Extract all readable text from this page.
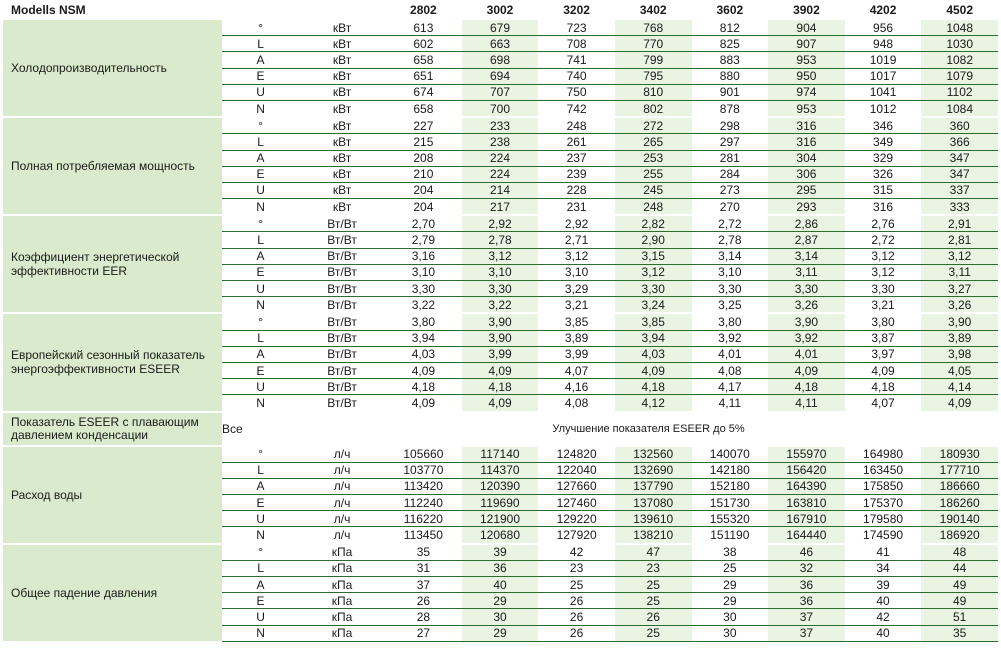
Modells NSM			2802	3002	3202	3402	3602	3902	4202	4502
Холодопроизводительность	°	кВт	613	679	723	768	812	904	956	1048
	L	кВт	602	663	708	770	825	907	948	1030
	A	кВт	658	698	741	799	883	953	1019	1082
	E	кВт	651	694	740	795	880	950	1017	1079
	U	кВт	674	707	750	810	901	974	1041	1102
	N	кВт	658	700	742	802	878	953	1012	1084
Полная потребляемая мощность	°	кВт	227	233	248	272	298	316	346	360
	L	кВт	215	238	261	265	297	316	349	366
	A	кВт	208	224	237	253	281	304	329	347
	E	кВт	210	224	239	255	284	306	326	347
	U	кВт	204	214	228	245	273	295	315	337
	N	кВт	204	217	231	248	270	293	316	333
Коэффициент энергетической эффективности EER	°	Вт/Вт	2,70	2,92	2,92	2,82	2,72	2,86	2,76	2,91
	L	Вт/Вт	2,79	2,78	2,71	2,90	2,78	2,87	2,72	2,81
	A	Вт/Вт	3,16	3,12	3,12	3,15	3,14	3,14	3,12	3,12
	E	Вт/Вт	3,10	3,10	3,10	3,12	3,10	3,11	3,12	3,11
	U	Вт/Вт	3,30	3,30	3,29	3,30	3,30	3,30	3,30	3,27
	N	Вт/Вт	3,22	3,22	3,21	3,24	3,25	3,26	3,21	3,26
Европейский сезонный показатель энергоэффективности ESEER	°	Вт/Вт	3,80	3,90	3,85	3,85	3,80	3,90	3,80	3,90
	L	Вт/Вт	3,94	3,90	3,89	3,94	3,92	3,92	3,87	3,89
	A	Вт/Вт	4,03	3,99	3,99	4,03	4,01	4,01	3,97	3,98
	E	Вт/Вт	4,09	4,09	4,07	4,09	4,08	4,09	4,09	4,05
	U	Вт/Вт	4,18	4,18	4,16	4,18	4,17	4,18	4,18	4,14
	N	Вт/Вт	4,09	4,09	4,08	4,12	4,11	4,11	4,07	4,09
Показатель ESEER с плавающим давлением конденсации	Все	Улучшение показателя ESEER до 5%								
Расход воды	°	л/ч	105660	117140	124820	132560	140070	155970	164980	180930
	L	л/ч	103770	114370	122040	132690	142180	156420	163450	177710
	A	л/ч	113420	120390	127660	137790	152180	164390	175850	186660
	E	л/ч	112240	119690	127460	137080	151730	163810	175370	186260
	U	л/ч	116220	121900	129220	139610	155320	167910	179580	190140
	N	л/ч	113450	120680	127920	138210	151190	164440	174590	186920
Общее падение давления	°	кПа	35	39	42	47	38	46	41	48
	L	кПа	31	36	23	23	25	32	34	44
	A	кПа	37	40	25	25	29	36	39	49
	E	кПа	26	29	26	25	29	36	40	49
	U	кПа	28	30	26	26	30	37	42	51
	N	кПа	27	29	26	25	30	37	40	35
